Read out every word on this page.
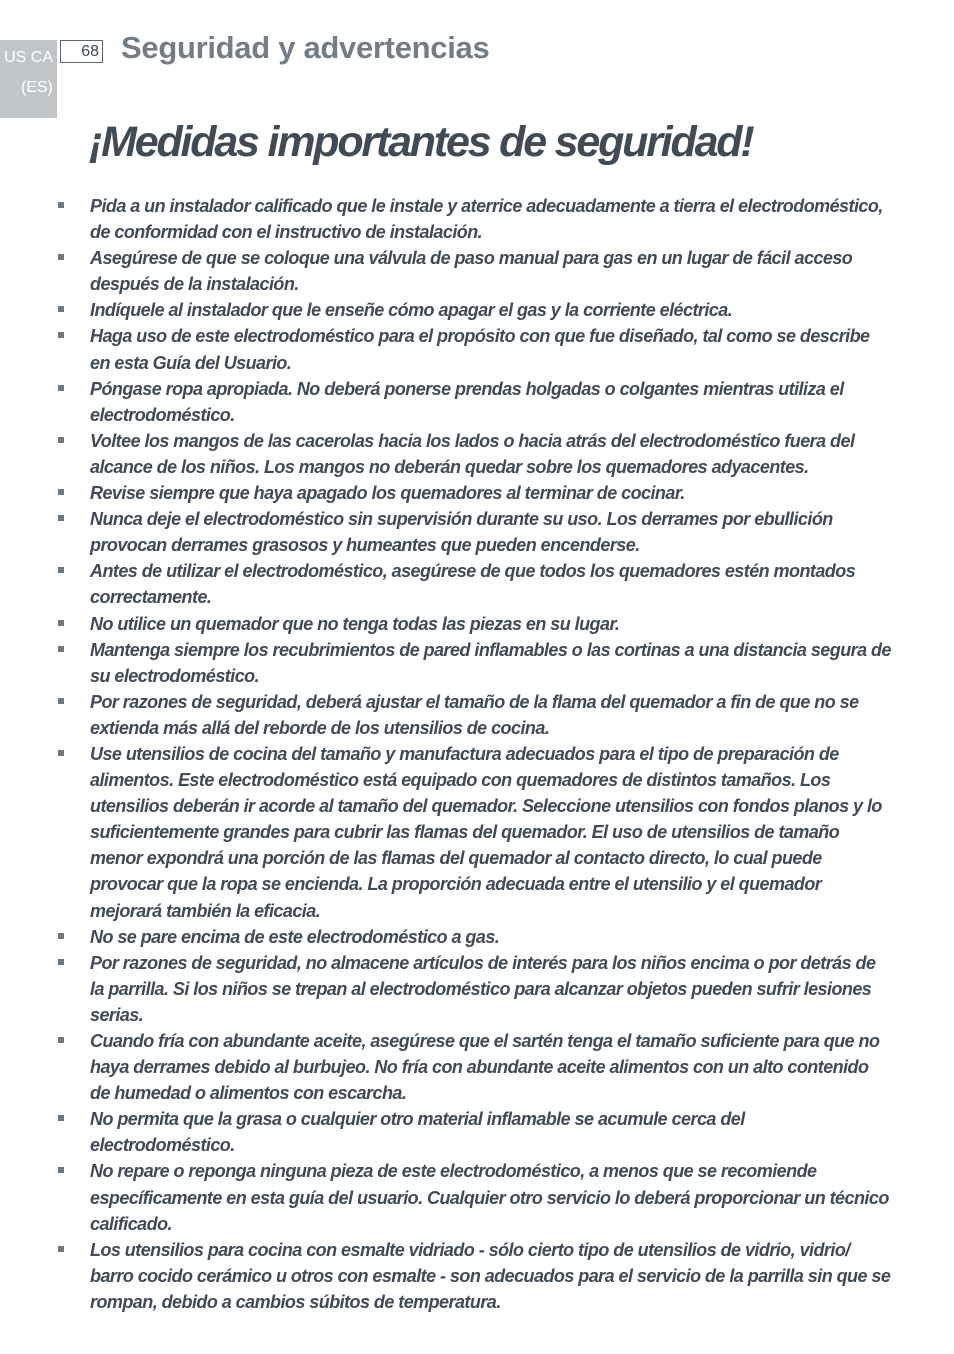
US CA
(ES)
68 Seguridad y advertencias
¡Medidas importantes de seguridad!
Pida a un instalador calificado que le instale y aterrice adecuadamente a tierra el electrodoméstico, de conformidad con el instructivo de instalación.
Asegúrese de que se coloque una válvula de paso manual para gas en un lugar de fácil acceso después de la instalación.
Indíquele al instalador que le enseñe cómo apagar el gas y la corriente eléctrica.
Haga uso de este electrodoméstico para el propósito con que fue diseñado, tal como se describe en esta Guía del Usuario.
Póngase ropa apropiada. No deberá ponerse prendas holgadas o colgantes mientras utiliza el electrodoméstico.
Voltee los mangos de las cacerolas hacia los lados o hacia atrás del electrodoméstico fuera del alcance de los niños. Los mangos no deberán quedar sobre los quemadores adyacentes.
Revise siempre que haya apagado los quemadores al terminar de cocinar.
Nunca deje el electrodoméstico sin supervisión durante su uso. Los derrames por ebullición provocan derrames grasosos y humeantes que pueden encenderse.
Antes de utilizar el electrodoméstico, asegúrese de que todos los quemadores estén montados correctamente.
No utilice un quemador que no tenga todas las piezas en su lugar.
Mantenga siempre los recubrimientos de pared inflamables o las cortinas a una distancia segura de su electrodoméstico.
Por razones de seguridad, deberá ajustar el tamaño de la flama del quemador a fin de que no se extienda más allá del reborde de los utensilios de cocina.
Use utensilios de cocina del tamaño y manufactura adecuados para el tipo de preparación de alimentos. Este electrodoméstico está equipado con quemadores de distintos tamaños. Los utensilios deberán ir acorde al tamaño del quemador. Seleccione utensilios con fondos planos y lo suficientemente grandes para cubrir las flamas del quemador. El uso de utensilios de tamaño menor expondrá una porción de las flamas del quemador al contacto directo, lo cual puede provocar que la ropa se encienda. La proporción adecuada entre el utensilio y el quemador mejorará también la eficacia.
No se pare encima de este electrodoméstico a gas.
Por razones de seguridad, no almacene artículos de interés para los niños encima o por detrás de la parrilla. Si los niños se trepan al electrodoméstico para alcanzar objetos pueden sufrir lesiones serias.
Cuando fría con abundante aceite, asegúrese que el sartén tenga el tamaño suficiente para que no haya derrames debido al burbujeo. No fría con abundante aceite alimentos con un alto contenido de humedad o alimentos con escarcha.
No permita que la grasa o cualquier otro material inflamable se acumule cerca del electrodoméstico.
No repare o reponga ninguna pieza de este electrodoméstico, a menos que se recomiende específicamente en esta guía del usuario. Cualquier otro servicio lo deberá proporcionar un técnico calificado.
Los utensilios para cocina con esmalte vidriado - sólo cierto tipo de utensilios de vidrio, vidrio/ barro cocido cerámico u otros con esmalte - son adecuados para el servicio de la parrilla sin que se rompan, debido a cambios súbitos de temperatura.
